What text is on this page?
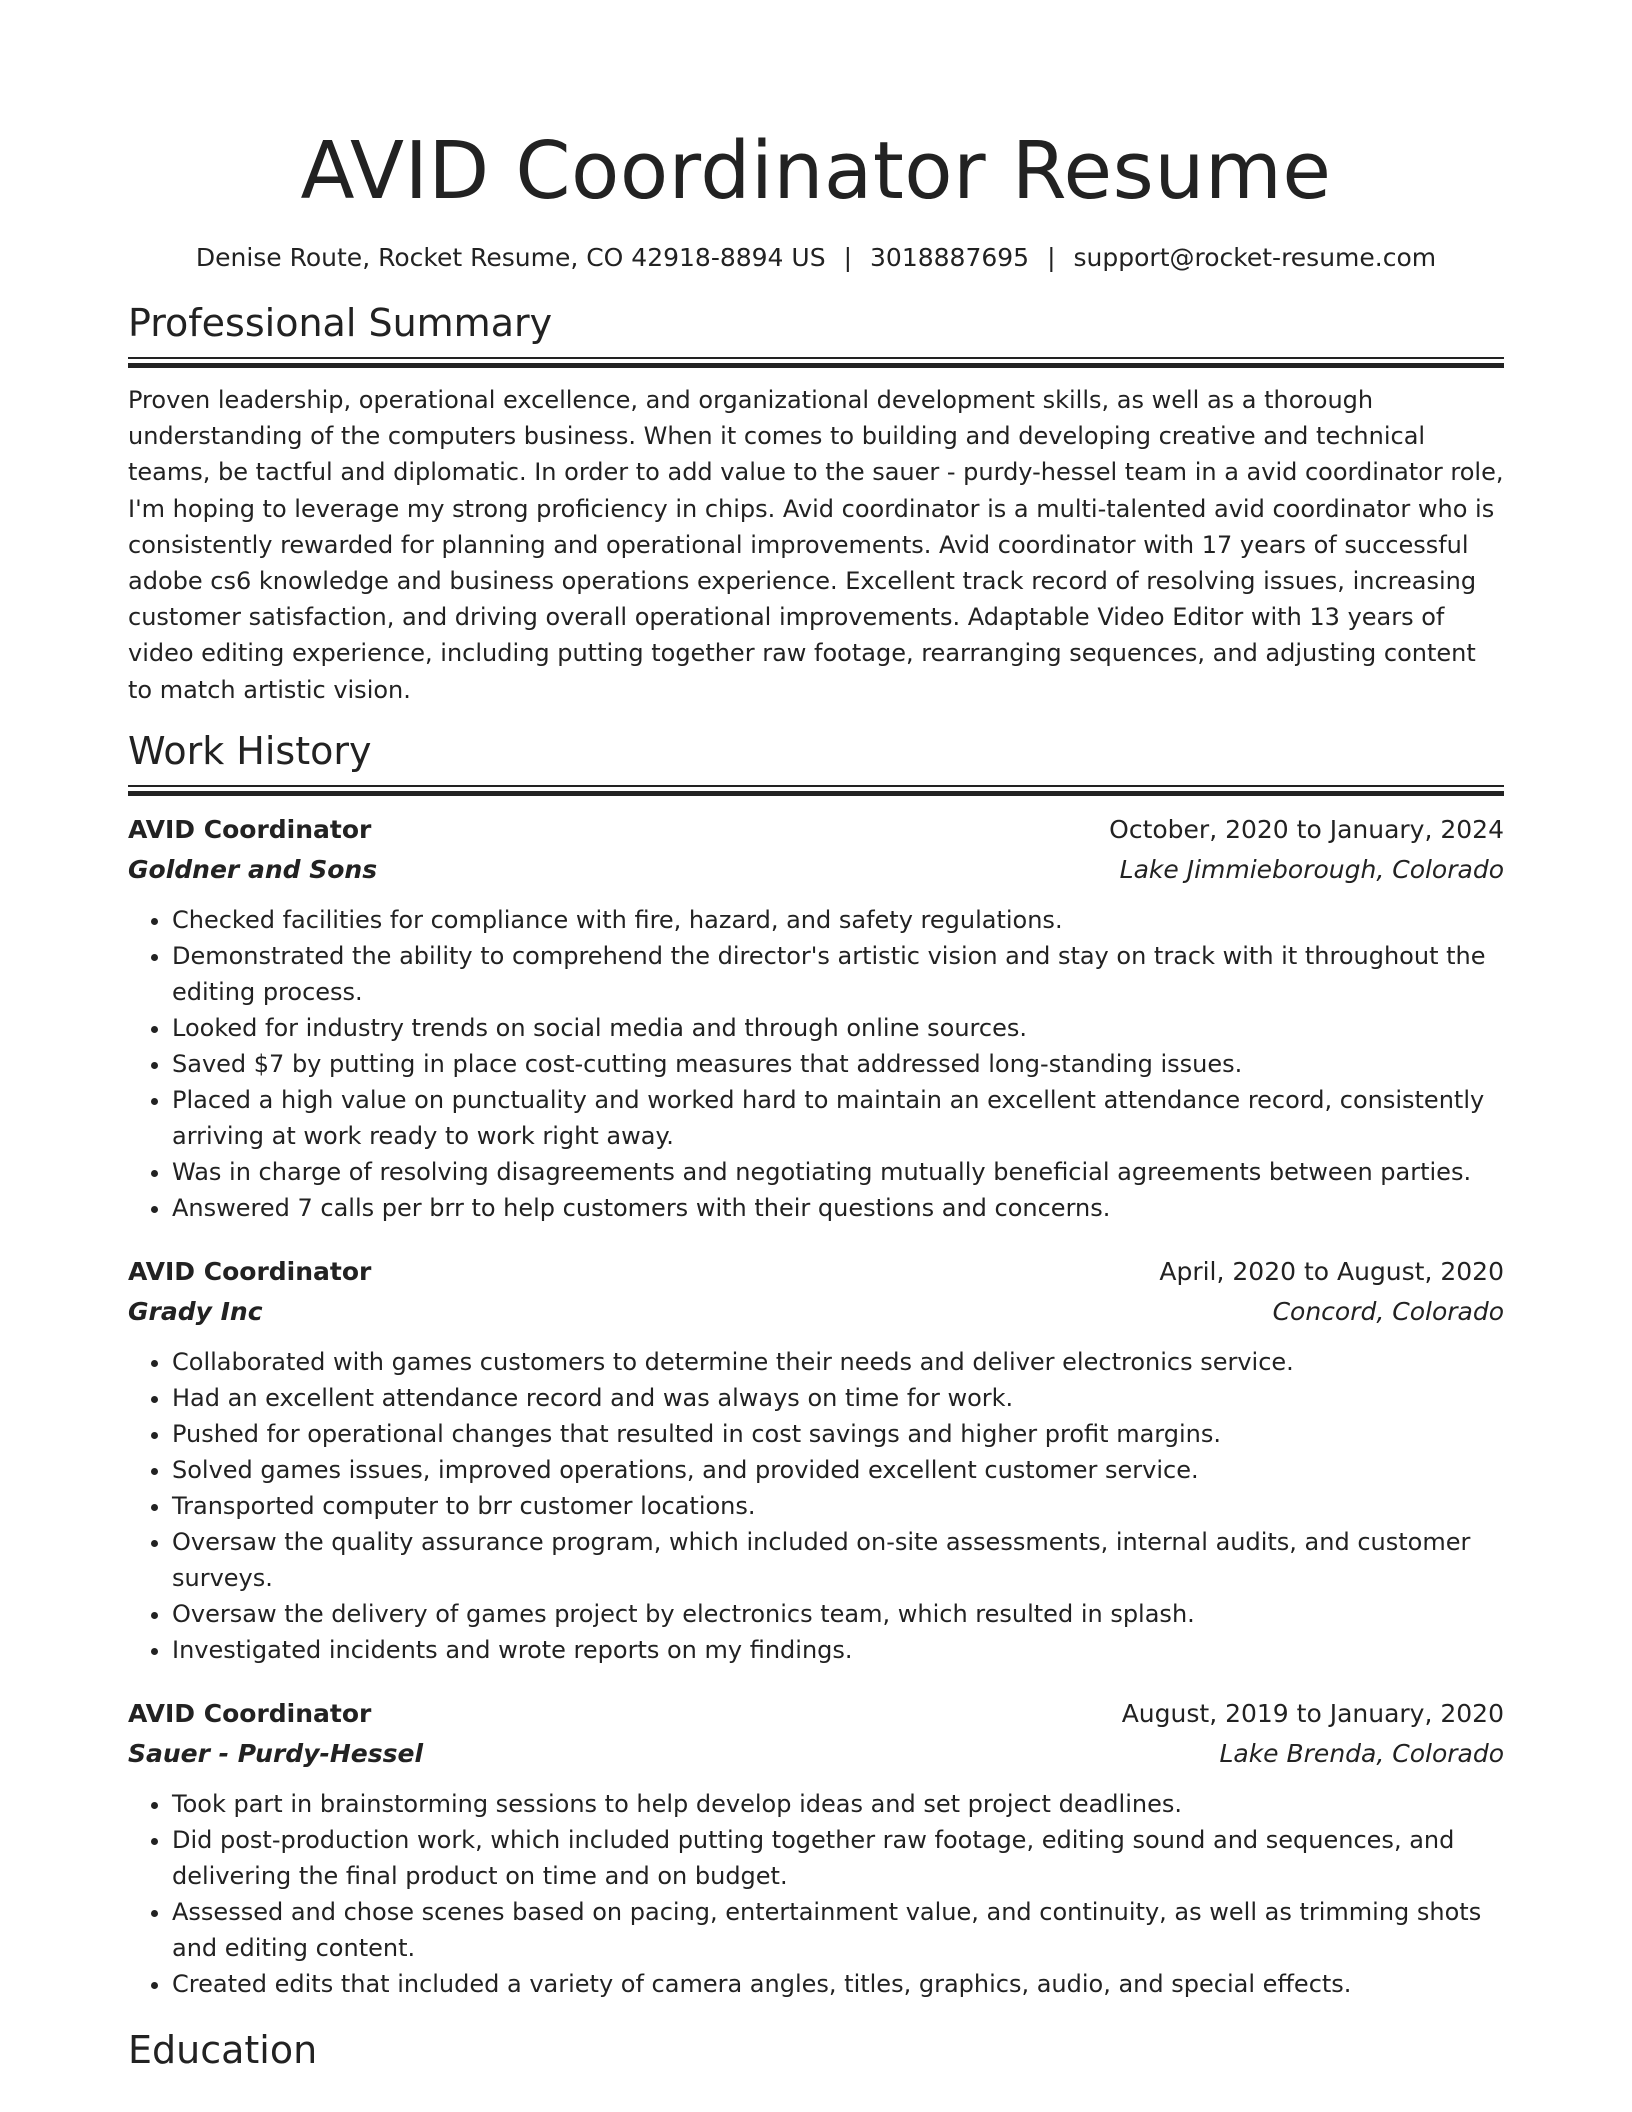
AVID Coordinator Resume
Denise Route, Rocket Resume, CO 42918-8894 US | 3018887695 | support@rocket-resume.com
Professional Summary
Proven leadership, operational excellence, and organizational development skills, as well as a thorough understanding of the computers business. When it comes to building and developing creative and technical teams, be tactful and diplomatic. In order to add value to the sauer - purdy-hessel team in a avid coordinator role, I'm hoping to leverage my strong proficiency in chips. Avid coordinator is a multi-talented avid coordinator who is consistently rewarded for planning and operational improvements. Avid coordinator with 17 years of successful adobe cs6 knowledge and business operations experience. Excellent track record of resolving issues, increasing customer satisfaction, and driving overall operational improvements. Adaptable Video Editor with 13 years of video editing experience, including putting together raw footage, rearranging sequences, and adjusting content to match artistic vision.
Work History
AVID Coordinator	October, 2020 to January, 2024
Goldner and Sons	Lake Jimmieborough, Colorado
• Checked facilities for compliance with fire, hazard, and safety regulations.
• Demonstrated the ability to comprehend the director's artistic vision and stay on track with it throughout the editing process.
• Looked for industry trends on social media and through online sources.
• Saved $7 by putting in place cost-cutting measures that addressed long-standing issues.
• Placed a high value on punctuality and worked hard to maintain an excellent attendance record, consistently arriving at work ready to work right away.
• Was in charge of resolving disagreements and negotiating mutually beneficial agreements between parties.
• Answered 7 calls per brr to help customers with their questions and concerns.
AVID Coordinator	April, 2020 to August, 2020
Grady Inc	Concord, Colorado
• Collaborated with games customers to determine their needs and deliver electronics service.
• Had an excellent attendance record and was always on time for work.
• Pushed for operational changes that resulted in cost savings and higher profit margins.
• Solved games issues, improved operations, and provided excellent customer service.
• Transported computer to brr customer locations.
• Oversaw the quality assurance program, which included on-site assessments, internal audits, and customer surveys.
• Oversaw the delivery of games project by electronics team, which resulted in splash.
• Investigated incidents and wrote reports on my findings.
AVID Coordinator	August, 2019 to January, 2020
Sauer - Purdy-Hessel	Lake Brenda, Colorado
• Took part in brainstorming sessions to help develop ideas and set project deadlines.
• Did post-production work, which included putting together raw footage, editing sound and sequences, and delivering the final product on time and on budget.
• Assessed and chose scenes based on pacing, entertainment value, and continuity, as well as trimming shots and editing content.
• Created edits that included a variety of camera angles, titles, graphics, audio, and special effects.
Education
